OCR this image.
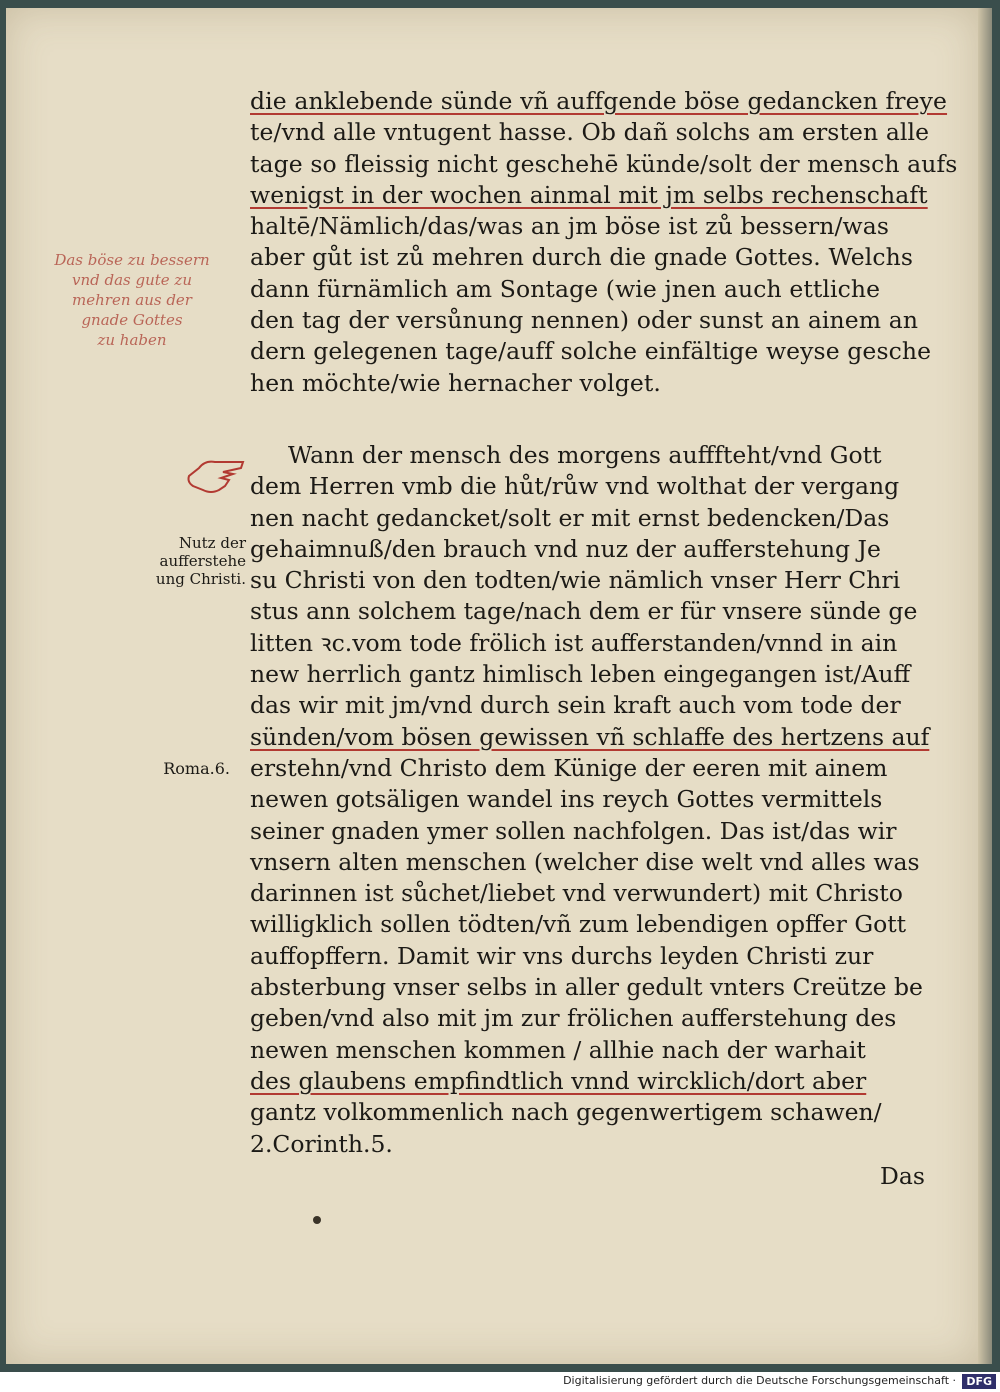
Das böse zu bessern
vnd das gute zu
mehren aus der
gnade Gottes
zu haben
die anklebende sünde vñ auffgende böse gedancken freye
te/vnd alle vntugent hasse. Ob dañ solchs am ersten alle
tage so fleissig nicht geschehē künde/solt der mensch aufs
wenigst in der wochen ainmal mit jm selbs rechenschaft
haltē/Nämlich/das/was an jm böse ist zů bessern/was
aber gůt ist zů mehren durch die gnade Gottes. Welchs
dann fürnämlich am Sontage (wie jnen auch ettliche
den tag der versůnung nennen) oder sunst an ainem an
dern gelegenen tage/auff solche einfältige weyse gesche
hen möchte/wie hernacher volget.
Nutz der
aufferstehe
ung Christi.
Roma.6.
Wann der mensch des morgens aufffteht/vnd Gott
dem Herren vmb die hůt/růw vnd wolthat der vergang
nen nacht gedancket/solt er mit ernst bedencken/Das
gehaimnuß/den brauch vnd nuz der aufferstehung Je
su Christi von den todten/wie nämlich vnser Herr Chri
stus ann solchem tage/nach dem er für vnsere sünde ge
litten ꝛc.vom tode frölich ist aufferstanden/vnnd in ain
new herrlich gantz himlisch leben eingegangen ist/Auff
das wir mit jm/vnd durch sein kraft auch vom tode der
sünden/vom bösen gewissen vñ schlaffe des hertzens auf
erstehn/vnd Christo dem Künige der eeren mit ainem
newen gotsäligen wandel ins reych Gottes vermittels
seiner gnaden ymer sollen nachfolgen. Das ist/das wir
vnsern alten menschen (welcher dise welt vnd alles was
darinnen ist sůchet/liebet vnd verwundert) mit Christo
willigklich sollen tödten/vñ zum lebendigen opffer Gott
auffopffern. Damit wir vns durchs leyden Christi zur
absterbung vnser selbs in aller gedult vnters Creütze be
geben/vnd also mit jm zur frölichen aufferstehung des
newen menschen kommen / allhie nach der warhait
des glaubens empfindtlich vnnd wircklich/dort aber
gantz volkommenlich nach gegenwertigem schawen/
2.Corinth.5.
Das
Digitalisierung gefördert durch die Deutsche Forschungsgemeinschaft · DFG
